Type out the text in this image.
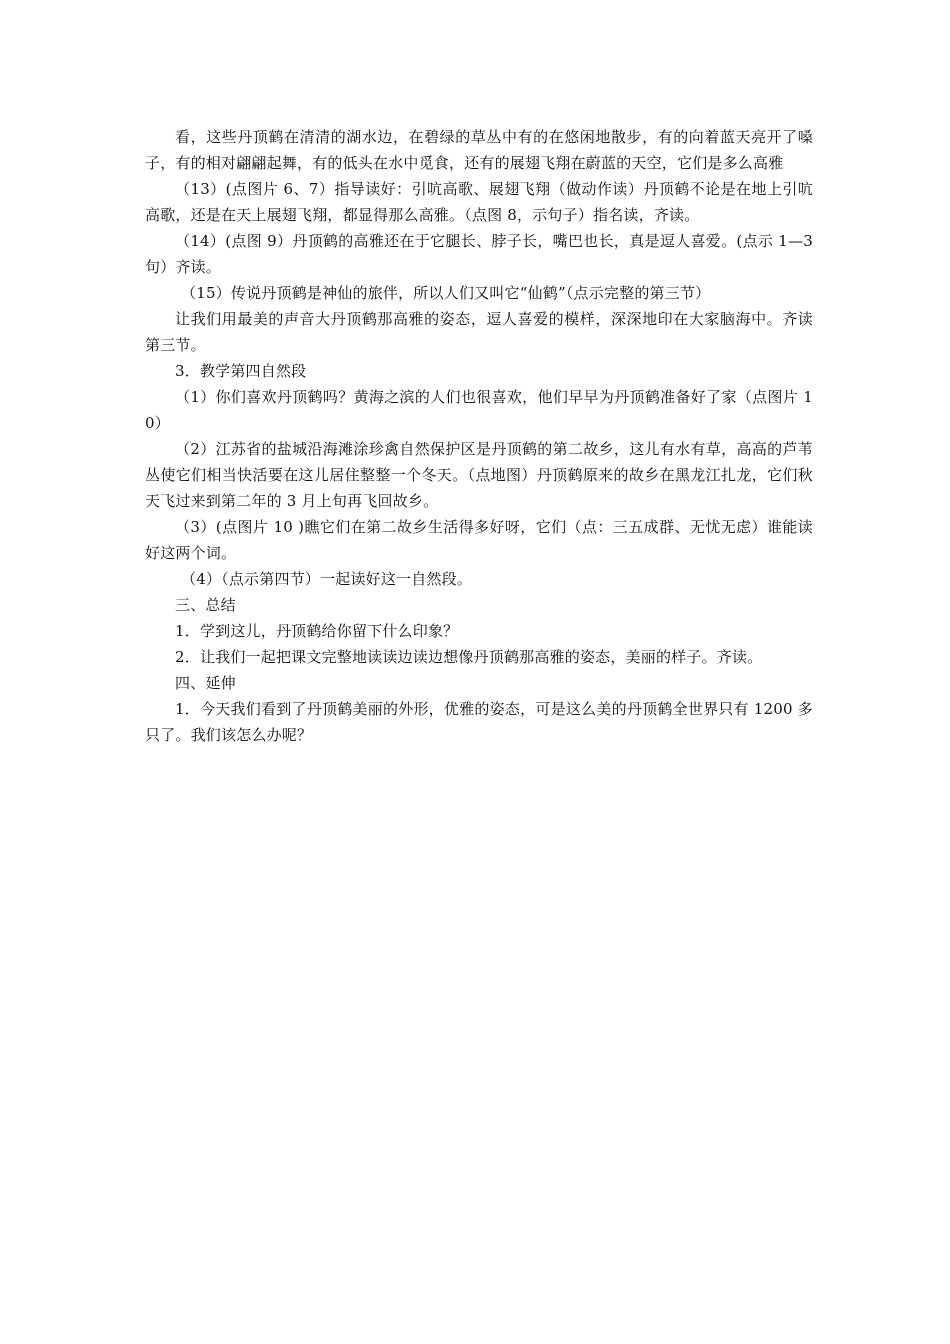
看，这些丹顶鹤在清清的湖水边，在碧绿的草丛中有的在悠闲地散步，有的向着蓝天亮开了嗓子，有的相对翩翩起舞，有的低头在水中觅食，还有的展翅飞翔在蔚蓝的天空，它们是多么高雅

（13）(点图片 6、7）指导读好：引吭高歌、展翅飞翔（做动作读）丹顶鹤不论是在地上引吭高歌，还是在天上展翅飞翔，都显得那么高雅。（点图 8，示句子）指名读，齐读。

（14）(点图 9）丹顶鹤的高雅还在于它腿长、脖子长，嘴巴也长，真是逗人喜爱。(点示 1—3 句）齐读。

（15）传说丹顶鹤是神仙的旅伴，所以人们又叫它“仙鹤”（点示完整的第三节）

让我们用最美的声音大丹顶鹤那高雅的姿态，逗人喜爱的模样，深深地印在大家脑海中。齐读第三节。

3．教学第四自然段

（1）你们喜欢丹顶鹤吗？黄海之滨的人们也很喜欢，他们早早为丹顶鹤准备好了家（点图片 10）

（2）江苏省的盐城沿海滩涂珍禽自然保护区是丹顶鹤的第二故乡，这儿有水有草，高高的芦苇丛使它们相当快活要在这儿居住整整一个冬天。（点地图）丹顶鹤原来的故乡在黑龙江扎龙，它们秋天飞过来到第二年的 3 月上旬再飞回故乡。

（3）(点图片 10 )瞧它们在第二故乡生活得多好呀，它们（点：三五成群、无忧无虑）谁能读好这两个词。

（4）（点示第四节）一起读好这一自然段。

三、总结

1．学到这儿，丹顶鹤给你留下什么印象？

2．让我们一起把课文完整地读读边读边想像丹顶鹤那高雅的姿态，美丽的样子。齐读。

四、延伸

1．今天我们看到了丹顶鹤美丽的外形，优雅的姿态，可是这么美的丹顶鹤全世界只有 1200 多只了。我们该怎么办呢？
